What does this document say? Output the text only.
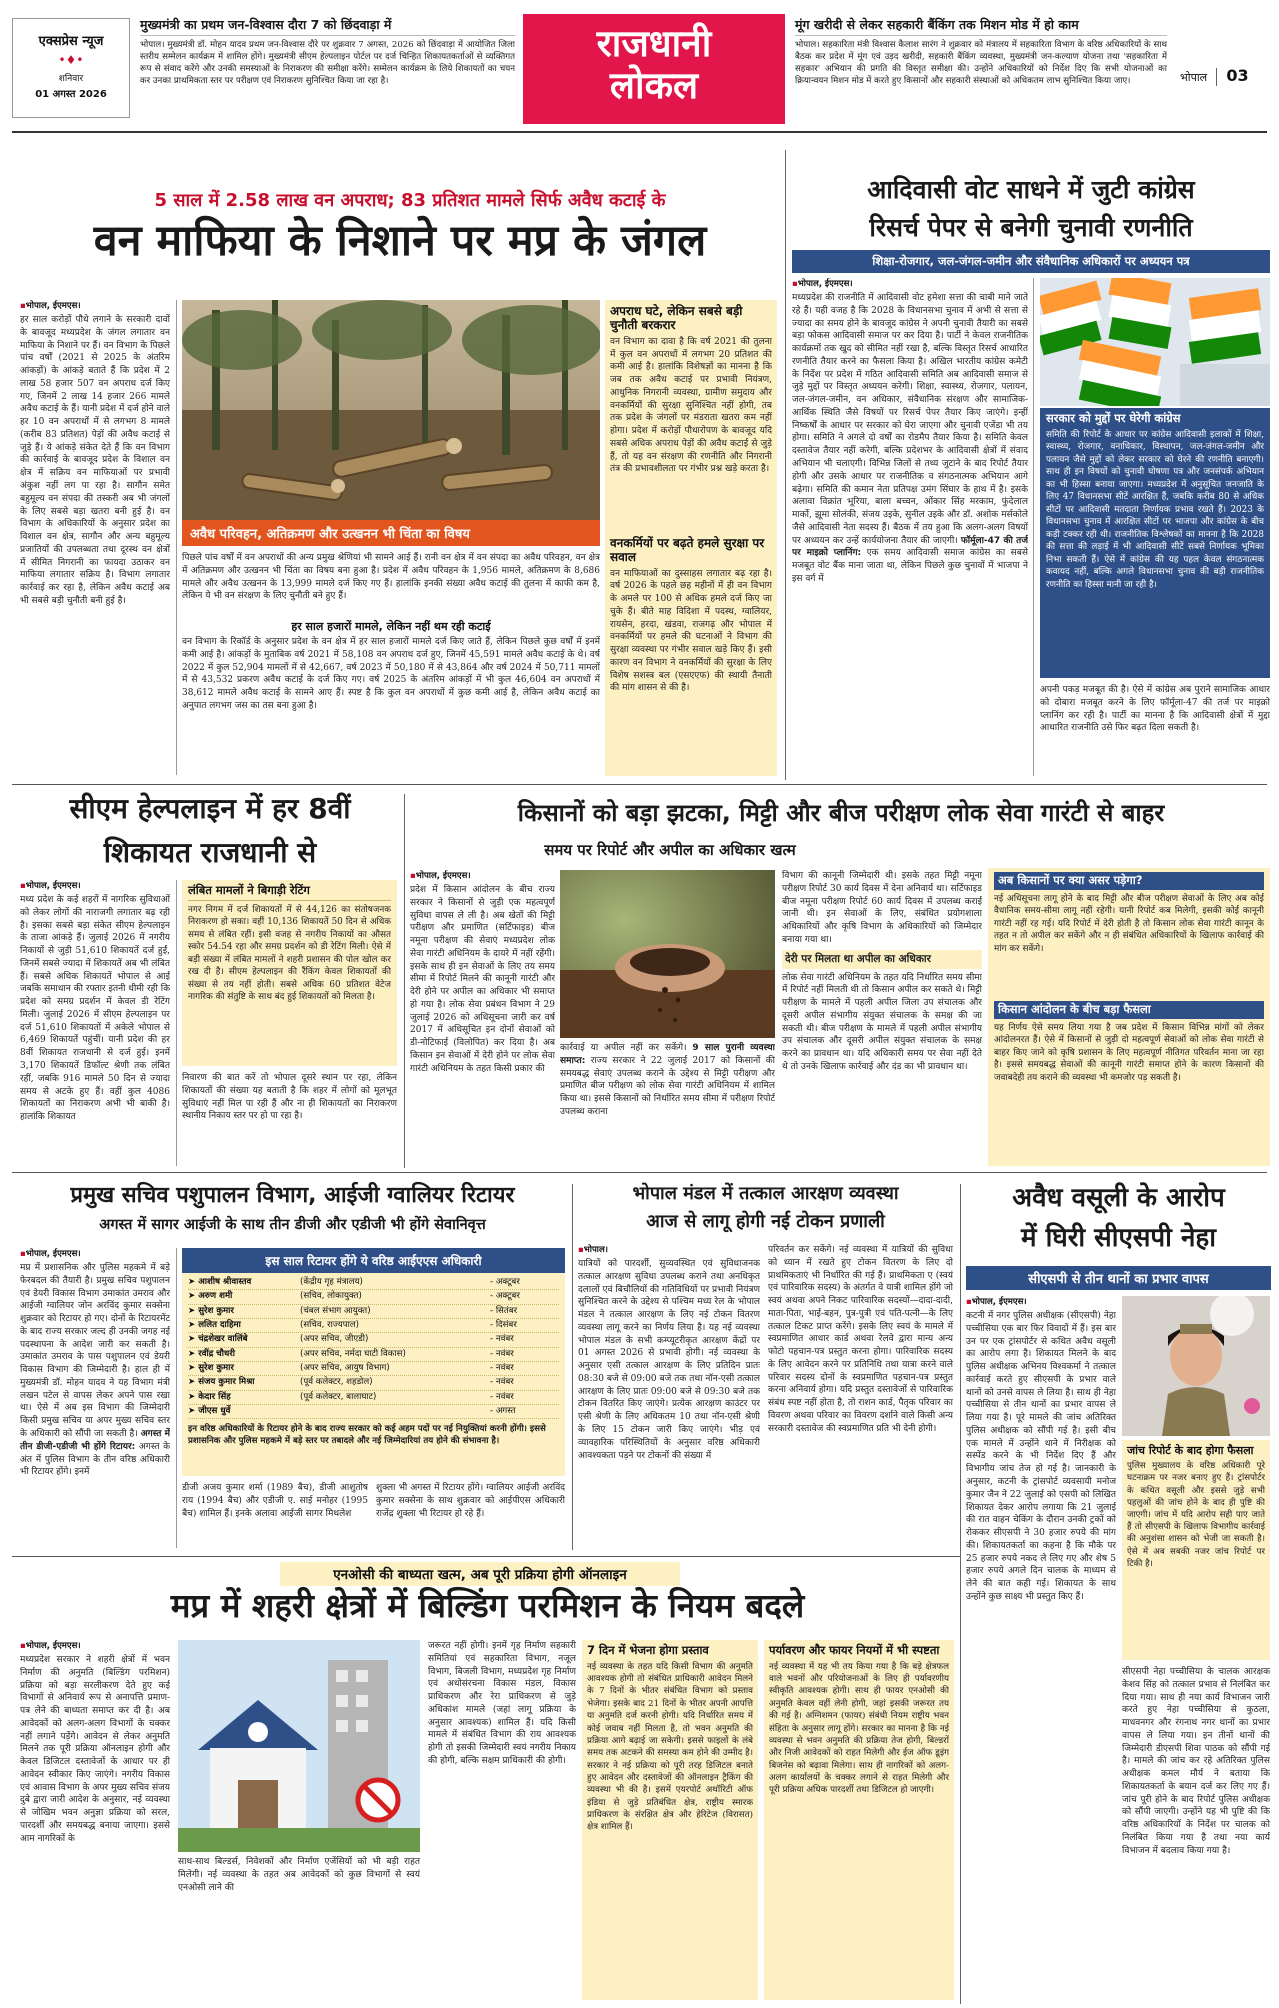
एक्सप्रेस न्यूज
•♦•
शनिवार
01 अगस्त 2026
मुख्यमंत्री का प्रथम जन-विश्वास दौरा 7 को छिंदवाड़ा में
भोपाल। मुख्यमंत्री डॉ. मोहन यादव प्रथम जन-विश्वास दौरे पर शुक्रवार 7 अगस्त, 2026 को छिंदवाड़ा में आयोजित जिला स्तरीय सम्मेलन कार्यक्रम में शामिल होंगे। मुख्यमंत्री सीएम हेल्पलाइन पोर्टल पर दर्ज चिन्हित शिकायतकर्ताओं से व्यक्तिगत रूप से संवाद करेंगे और उनकी समस्याओं के निराकरण की समीक्षा करेंगे। सम्मेलन कार्यक्रम के लिये शिकायतों का चयन कर उनका प्राथमिकता स्तर पर परीक्षण एवं निराकरण सुनिश्चित किया जा रहा है।
राजधानी
लोकल
मूंग खरीदी से लेकर सहकारी बैंकिंग तक मिशन मोड में हो काम
भोपाल। सहकारिता मंत्री विश्वास कैलाश सारंग ने शुक्रवार को मंत्रालय में सहकारिता विभाग के वरिष्ठ अधिकारियों के साथ बैठक कर प्रदेश में मूंग एवं उड़द खरीदी, सहकारी बैंकिंग व्यवस्था, मुख्यमंत्री जन-कल्याण योजना तथा 'सहकारिता में सहकार' अभियान की प्रगति की विस्तृत समीक्षा की। उन्होंने अधिकारियों को निर्देश दिए कि सभी योजनाओं का क्रियान्वयन मिशन मोड में करते हुए किसानों और सहकारी संस्थाओं को अधिकतम लाभ सुनिश्चित किया जाए।	भोपाल 03
5 साल में 2.58 लाख वन अपराध; 83 प्रतिशत मामले सिर्फ अवैध कटाई के
वन माफिया के निशाने पर मप्र के जंगल
▪ भोपाल, ईएमएस।
हर साल करोड़ों पौधे लगाने के सरकारी दावों के बावजूद मध्यप्रदेश के जंगल लगातार वन माफिया के निशाने पर हैं। वन विभाग के पिछले पांच वर्षों (2021 से 2025 के अंतरिम आंकड़ों) के आंकड़े बताते हैं कि प्रदेश में 2 लाख 58 हजार 507 वन अपराध दर्ज किए गए, जिनमें 2 लाख 14 हजार 266 मामले अवैध कटाई के हैं। यानी प्रदेश में दर्ज होने वाले हर 10 वन अपराधों में से लगभग 8 मामले (करीब 83 प्रतिशत) पेड़ों की अवैध कटाई से जुड़े हैं। ये आंकड़े संकेत देते हैं कि वन विभाग की कार्रवाई के बावजूद प्रदेश के विशाल वन क्षेत्र में सक्रिय वन माफियाओं पर प्रभावी अंकुश नहीं लग पा रहा है। सागौन समेत बहुमूल्य वन संपदा की तस्करी अब भी जंगलों के लिए सबसे बड़ा खतरा बनी हुई है। वन विभाग के अधिकारियों के अनुसार प्रदेश का विशाल वन क्षेत्र, सागौन और अन्य बहुमूल्य प्रजातियों की उपलब्धता तथा दूरस्थ वन क्षेत्रों में सीमित निगरानी का फायदा उठाकर वन माफिया लगातार सक्रिय है। विभाग लगातार कार्रवाई कर रहा है, लेकिन अवैध कटाई अब भी सबसे बड़ी चुनौती बनी हुई है।
अवैध परिवहन, अतिक्रमण और उत्खनन भी चिंता का विषय
पिछले पांच वर्षों में वन अपराधों की अन्य प्रमुख श्रेणियां भी सामने आई हैं। रानी वन क्षेत्र में वन संपदा का अवैध परिवहन, वन क्षेत्र में अतिक्रमण और उत्खनन भी चिंता का विषय बना हुआ है। प्रदेश में अवैध परिवहन के 1,956 मामले, अतिक्रमण के 8,686 मामले और अवैध उत्खनन के 13,999 मामले दर्ज किए गए हैं। हालांकि इनकी संख्या अवैध कटाई की तुलना में काफी कम है, लेकिन ये भी वन संरक्षण के लिए चुनौती बने हुए हैं।
हर साल हजारों मामले, लेकिन नहीं थम रही कटाई
वन विभाग के रिकॉर्ड के अनुसार प्रदेश के वन क्षेत्र में हर साल हजारों मामले दर्ज किए जाते हैं, लेकिन पिछले कुछ वर्षों में इनमें कमी आई है। आंकड़ों के मुताबिक वर्ष 2021 में 58,108 वन अपराध दर्ज हुए, जिनमें 45,591 मामले अवैध कटाई के थे। वर्ष 2022 में कुल 52,904 मामलों में से 42,667, वर्ष 2023 में 50,180 में से 43,864 और वर्ष 2024 में 50,711 मामलों में से 43,532 प्रकरण अवैध कटाई के दर्ज किए गए। वर्ष 2025 के अंतरिम आंकड़ों में भी कुल 46,604 वन अपराधों में 38,612 मामले अवैध कटाई के सामने आए हैं। स्पष्ट है कि कुल वन अपराधों में कुछ कमी आई है, लेकिन अवैध कटाई का अनुपात लगभग जस का तस बना हुआ है।
अपराध घटे, लेकिन सबसे बड़ी चुनौती बरकरार
वन विभाग का दावा है कि वर्ष 2021 की तुलना में कुल वन अपराधों में लगभग 20 प्रतिशत की कमी आई है। हालांकि विशेषज्ञों का मानना है कि जब तक अवैध कटाई पर प्रभावी नियंत्रण, आधुनिक निगरानी व्यवस्था, ग्रामीण समुदाय और वनकर्मियों की सुरक्षा सुनिश्चित नहीं होगी, तब तक प्रदेश के जंगलों पर मंडराता खतरा कम नहीं होगा। प्रदेश में करोड़ों पौधारोपण के बावजूद यदि सबसे अधिक अपराध पेड़ों की अवैध कटाई से जुड़े हैं, तो यह वन संरक्षण की रणनीति और निगरानी तंत्र की प्रभावशीलता पर गंभीर प्रश्न खड़े करता है।
वनकर्मियों पर बढ़ते हमले सुरक्षा पर सवाल
वन माफियाओं का दुस्साहस लगातार बढ़ रहा है। वर्ष 2026 के पहले छह महीनों में ही वन विभाग के अमले पर 100 से अधिक हमले दर्ज किए जा चुके हैं। बीते माह विदिशा में पदस्थ, ग्वालियर, रायसेन, हरदा, खंडवा, राजगढ़ और भोपाल में वनकर्मियों पर हमले की घटनाओं ने विभाग की सुरक्षा व्यवस्था पर गंभीर सवाल खड़े किए हैं। इसी कारण वन विभाग ने वनकर्मियों की सुरक्षा के लिए विशेष सशस्त्र बल (एसएएफ) की स्थायी तैनाती की मांग शासन से की है।
आदिवासी वोट साधने में जुटी कांग्रेस
रिसर्च पेपर से बनेगी चुनावी रणनीति
शिक्षा-रोजगार, जल-जंगल-जमीन और संवैधानिक अधिकारों पर अध्ययन पत्र
▪ भोपाल, ईएमएस।
मध्यप्रदेश की राजनीति में आदिवासी वोट हमेशा सत्ता की चाबी माने जाते रहे हैं। यही वजह है कि 2028 के विधानसभा चुनाव में अभी से सत्ता से ज्यादा का समय होने के बावजूद कांग्रेस ने अपनी चुनावी तैयारी का सबसे बड़ा फोकस आदिवासी समाज पर कर दिया है। पार्टी ने केवल राजनीतिक कार्यक्रमों तक खुद को सीमित नहीं रखा है, बल्कि विस्तृत रिसर्च आधारित रणनीति तैयार करने का फैसला किया है। अखिल भारतीय कांग्रेस कमेटी के निर्देश पर प्रदेश में गठित आदिवासी समिति अब आदिवासी समाज से जुड़े मुद्दों पर विस्तृत अध्ययन करेगी। शिक्षा, स्वास्थ्य, रोजगार, पलायन, जल-जंगल-जमीन, वन अधिकार, संवैधानिक संरक्षण और सामाजिक-आर्थिक स्थिति जैसे विषयों पर रिसर्च पेपर तैयार किए जाएंगे। इन्हीं निष्कर्षों के आधार पर सरकार को घेरा जाएगा और चुनावी एजेंडा भी तय होगा। समिति ने अगले दो वर्षों का रोडमैप तैयार किया है। समिति केवल दस्तावेज तैयार नहीं करेगी, बल्कि प्रदेशभर के आदिवासी क्षेत्रों में संवाद अभियान भी चलाएगी। विभिन्न जिलों से तथ्य जुटाने के बाद रिपोर्ट तैयार होगी और उसके आधार पर राजनीतिक व संगठनात्मक अभियान आगे बढ़ेगा। समिति की कमान नेता प्रतिपक्ष उमंग सिंघार के हाथ में है। इसके अलावा विक्रांत भूरिया, बाला बच्चन, ओंकार सिंह मरकाम, फुंदेलाल मार्को, झूमा सोलंकी, संजय उइके, सुनील उइके और डॉ. अशोक मर्सकोले जैसे आदिवासी नेता सदस्य हैं। बैठक में तय हुआ कि अलग-अलग विषयों पर अध्ययन कर उन्हें कार्ययोजना तैयार की जाएगी। फॉर्मूला-47 की तर्ज पर माइक्रो प्लानिंग: एक समय आदिवासी समाज कांग्रेस का सबसे मजबूत वोट बैंक माना जाता था, लेकिन पिछले कुछ चुनावों में भाजपा ने इस वर्ग में
सरकार को मुद्दों पर घेरेगी कांग्रेस
समिति की रिपोर्ट के आधार पर कांग्रेस आदिवासी इलाकों में शिक्षा, स्वास्थ्य, रोजगार, वनाधिकार, विस्थापन, जल-जंगल-जमीन और पलायन जैसे मुद्दों को लेकर सरकार को घेरने की रणनीति बनाएगी। साथ ही इन विषयों को चुनावी घोषणा पत्र और जनसंपर्क अभियान का भी हिस्सा बनाया जाएगा। मध्यप्रदेश में अनुसूचित जनजाति के लिए 47 विधानसभा सीटें आरक्षित हैं, जबकि करीब 80 से अधिक सीटों पर आदिवासी मतदाता निर्णायक प्रभाव रखते हैं। 2023 के विधानसभा चुनाव में आरक्षित सीटों पर भाजपा और कांग्रेस के बीच कड़ी टक्कर रही थी। राजनीतिक विश्लेषकों का मानना है कि 2028 की सत्ता की लड़ाई में भी आदिवासी सीटें सबसे निर्णायक भूमिका निभा सकती हैं। ऐसे में कांग्रेस की यह पहल केवल संगठनात्मक कवायद नहीं, बल्कि अगले विधानसभा चुनाव की बड़ी राजनीतिक रणनीति का हिस्सा मानी जा रही है।
अपनी पकड़ मजबूत की है। ऐसे में कांग्रेस अब पुराने सामाजिक आधार को दोबारा मजबूत करने के लिए फॉर्मूला-47 की तर्ज पर माइक्रो प्लानिंग कर रही है। पार्टी का मानना है कि आदिवासी क्षेत्रों में मुद्दा आधारित राजनीति उसे फिर बढ़त दिला सकती है।
सीएम हेल्पलाइन में हर 8वीं
शिकायत राजधानी से
▪ भोपाल, ईएमएस।
मध्य प्रदेश के कई शहरों में नागरिक सुविधाओं को लेकर लोगों की नाराजगी लगातार बढ़ रही है। इसका सबसे बड़ा संकेत सीएम हेल्पलाइन के ताजा आंकड़े हैं। जुलाई 2026 में नगरीय निकायों से जुड़ी 51,610 शिकायतें दर्ज हुईं, जिनमें सबसे ज्यादा में शिकायतें अब भी लंबित हैं। सबसे अधिक शिकायतें भोपाल से आई जबकि समाधान की रफ्तार इतनी धीमी रही कि प्रदेश को समग्र प्रदर्शन में केवल डी रेटिंग मिली। जुलाई 2026 में सीएम हेल्पलाइन पर दर्ज 51,610 शिकायतों में अकेले भोपाल से 6,469 शिकायतें पहुंचीं। यानी प्रदेश की हर 8वीं शिकायत राजधानी से दर्ज हुई। इनमें 3,170 शिकायतें डिफॉल्ट श्रेणी तक लंबित रहीं, जबकि 916 मामले 50 दिन से ज्यादा समय से अटके हुए हैं। वहीं कुल 4086 शिकायतों का निराकरण अभी भी बाकी है। हालांकि शिकायत
लंबित मामलों ने बिगाड़ी रेटिंग
नगर निगम में दर्ज शिकायतों में से 44,126 का संतोषजनक निराकरण हो सका। वहीं 10,136 शिकायतें 50 दिन से अधिक समय से लंबित रहीं। इसी वजह से नगरीय निकायों का औसत स्कोर 54.54 रहा और समग्र प्रदर्शन को डी रेटिंग मिली। ऐसे में बड़ी संख्या में लंबित मामलों ने शहरी प्रशासन की पोल खोल कर रख दी है। सीएम हेल्पलाइन की रैंकिंग केवल शिकायतों की संख्या से तय नहीं होती। सबसे अधिक 60 प्रतिशत वेटेज नागरिक की संतुष्टि के साथ बंद हुई शिकायतों को मिलता है।
निवारण की बात करें तो भोपाल दूसरे स्थान पर रहा, लेकिन शिकायतों की संख्या यह बताती है कि शहर में लोगों को मूलभूत सुविधाएं नहीं मिल पा रही हैं और ना ही शिकायतों का निराकरण स्थानीय निकाय स्तर पर हो पा रहा है।
किसानों को बड़ा झटका, मिट्टी और बीज परीक्षण लोक सेवा गारंटी से बाहर
समय पर रिपोर्ट और अपील का अधिकार खत्म
▪ भोपाल, ईएमएस।
प्रदेश में किसान आंदोलन के बीच राज्य सरकार ने किसानों से जुड़ी एक महत्वपूर्ण सुविधा वापस ले ली है। अब खेतों की मिट्टी परीक्षण और प्रमाणित (सर्टिफाइड) बीज नमूना परीक्षण की सेवाएं मध्यप्रदेश लोक सेवा गारंटी अधिनियम के दायरे में नहीं रहेंगी। इसके साथ ही इन सेवाओं के लिए तय समय सीमा में रिपोर्ट मिलने की कानूनी गारंटी और देरी होने पर अपील का अधिकार भी समाप्त हो गया है। लोक सेवा प्रबंधन विभाग ने 29 जुलाई 2026 को अधिसूचना जारी कर वर्ष 2017 में अधिसूचित इन दोनों सेवाओं को डी-नोटिफाई (विलोपित) कर दिया है। अब किसान इन सेवाओं में देरी होने पर लोक सेवा गारंटी अधिनियम के तहत किसी प्रकार की
कार्रवाई या अपील नहीं कर सकेंगे। 9 साल पुरानी व्यवस्था समाप्त: राज्य सरकार ने 22 जुलाई 2017 को किसानों की समयबद्ध सेवाएं उपलब्ध कराने के उद्देश्य से मिट्टी परीक्षण और प्रमाणित बीज परीक्षण को लोक सेवा गारंटी अधिनियम में शामिल किया था। इससे किसानों को निर्धारित समय सीमा में परीक्षण रिपोर्ट उपलब्ध कराना
विभाग की कानूनी जिम्मेदारी थी। इसके तहत मिट्टी नमूना परीक्षण रिपोर्ट 30 कार्य दिवस में देना अनिवार्य था। सर्टिफाइड बीज नमूना परीक्षण रिपोर्ट 60 कार्य दिवस में उपलब्ध कराई जानी थी। इन सेवाओं के लिए, संबंधित प्रयोगशाला अधिकारियों और कृषि विभाग के अधिकारियों को जिम्मेदार बनाया गया था।
देरी पर मिलता था अपील का अधिकार
लोक सेवा गारंटी अधिनियम के तहत यदि निर्धारित समय सीमा में रिपोर्ट नहीं मिलती थी तो किसान अपील कर सकते थे। मिट्टी परीक्षण के मामले में पहली अपील जिला उप संचालक और दूसरी अपील संभागीय संयुक्त संचालक के समक्ष की जा सकती थी। बीज परीक्षण के मामले में पहली अपील संभागीय उप संचालक और दूसरी अपील संयुक्त संचालक के समक्ष करने का प्रावधान था। यदि अधिकारी समय पर सेवा नहीं देते थे तो उनके खिलाफ कार्रवाई और दंड का भी प्रावधान था।
अब किसानों पर क्या असर पड़ेगा?
नई अधिसूचना लागू होने के बाद मिट्टी और बीज परीक्षण सेवाओं के लिए अब कोई वैधानिक समय-सीमा लागू नहीं रहेगी। यानी रिपोर्ट कब मिलेगी, इसकी कोई कानूनी गारंटी नहीं रह गई। यदि रिपोर्ट में देरी होती है तो किसान लोक सेवा गारंटी कानून के तहत न तो अपील कर सकेंगे और न ही संबंधित अधिकारियों के खिलाफ कार्रवाई की मांग कर सकेंगे।
किसान आंदोलन के बीच बड़ा फैसला
यह निर्णय ऐसे समय लिया गया है जब प्रदेश में किसान विभिन्न मांगों को लेकर आंदोलनरत हैं। ऐसे में किसानों से जुड़ी दो महत्वपूर्ण सेवाओं को लोक सेवा गारंटी से बाहर किए जाने को कृषि प्रशासन के लिए महत्वपूर्ण नीतिगत परिवर्तन माना जा रहा है। इससे समयबद्ध सेवाओं की कानूनी गारंटी समाप्त होने के कारण किसानों की जवाबदेही तय कराने की व्यवस्था भी कमजोर पड़ सकती है।
प्रमुख सचिव पशुपालन विभाग, आईजी ग्वालियर रिटायर
अगस्त में सागर आईजी के साथ तीन डीजी और एडीजी भी होंगे सेवानिवृत्त
▪ भोपाल, ईएमएस।
मप्र में प्रशासनिक और पुलिस महकमे में बड़े फेरबदल की तैयारी है। प्रमुख सचिव पशुपालन एवं डेयरी विकास विभाग उमाकांत उमराव और आईजी ग्वालियर जोन अरविंद कुमार सक्सेना शुक्रवार को रिटायर हो गए। दोनों के रिटायरमेंट के बाद राज्य सरकार जल्द ही उनकी जगह नई पदस्थापना के आदेश जारी कर सकती है। उमाकांत उमराव के पास पशुपालन एवं डेयरी विकास विभाग की जिम्मेदारी है। हाल ही में मुख्यमंत्री डॉ. मोहन यादव ने यह विभाग मंत्री लखन पटेल से वापस लेकर अपने पास रखा था। ऐसे में अब इस विभाग की जिम्मेदारी किसी प्रमुख सचिव या अपर मुख्य सचिव स्तर के अधिकारी को सौंपी जा सकती है। अगस्त में तीन डीजी-एडीजी भी होंगे रिटायर: अगस्त के अंत में पुलिस विभाग के तीन वरिष्ठ अधिकारी भी रिटायर होंगे। इनमें
इस साल रिटायर होंगे ये वरिष्ठ आईएएस अधिकारी
➤ आशीष श्रीवास्तव	(केंद्रीय गृह मंत्रालय)	- अक्टूबर
➤ अरुण शमी	(सचिव, लोकायुक्त)	- अक्टूबर
➤ सुरेश कुमार	(चंबल संभाग आयुक्त)	- सितंबर
➤ ललित दाहिमा	(सचिव, राज्यपाल)	- दिसंबर
➤ चंद्रशेखर वालिंबे	(अपर सचिव, जीएडी)	- नवंबर
➤ रवींद्र चौधरी	(अपर सचिव, नर्मदा घाटी विकास)	- नवंबर
➤ सुरेश कुमार	(अपर सचिव, आयुष विभाग)	- नवंबर
➤ संजय कुमार मिश्रा	(पूर्व कलेक्टर, शहडोल)	- नवंबर
➤ केदार सिंह	(पूर्व कलेक्टर, बालाघाट)	- नवंबर
➤ जीएस धुर्वे	- अगस्त
इन वरिष्ठ अधिकारियों के रिटायर होने के बाद राज्य सरकार को कई अहम पदों पर नई नियुक्तियां करनी होंगी। इससे प्रशासनिक और पुलिस महकमे में बड़े स्तर पर तबादले और नई जिम्मेदारियां तय होने की संभावना है।
डीजी अजय कुमार शर्मा (1989 बैच), डीजी आशुतोष राय (1994 बैच) और एडीजी ए. साई मनोहर (1995 बैच) शामिल हैं। इनके अलावा आईजी सागर मिथलेश
शुक्ला भी अगस्त में रिटायर होंगे। ग्वालियर आईजी अरविंद कुमार सक्सेना के साथ शुक्रवार को आईपीएस अधिकारी राजेंद्र शुक्ला भी रिटायर हो रहे हैं।
भोपाल मंडल में तत्काल आरक्षण व्यवस्था
आज से लागू होगी नई टोकन प्रणाली
▪ भोपाल।
यात्रियों को पारदर्शी, सुव्यवस्थित एवं सुविधाजनक तत्काल आरक्षण सुविधा उपलब्ध कराने तथा अनधिकृत दलालों एवं बिचौलियों की गतिविधियों पर प्रभावी नियंत्रण सुनिश्चित करने के उद्देश्य से पश्चिम मध्य रेल के भोपाल मंडल ने तत्काल आरक्षण के लिए नई टोकन वितरण व्यवस्था लागू करने का निर्णय लिया है। यह नई व्यवस्था भोपाल मंडल के सभी कम्प्यूटरीकृत आरक्षण केंद्रों पर 01 अगस्त 2026 से प्रभावी होगी। नई व्यवस्था के अनुसार एसी तत्काल आरक्षण के लिए प्रतिदिन प्रातः 08:30 बजे से 09:00 बजे तक तथा नॉन-एसी तत्काल आरक्षण के लिए प्रातः 09:00 बजे से 09:30 बजे तक टोकन वितरित किए जाएंगे। प्रत्येक आरक्षण काउंटर पर एसी श्रेणी के लिए अधिकतम 10 तथा नॉन-एसी श्रेणी के लिए 15 टोकन जारी किए जाएंगे। भीड़ एवं व्यावहारिक परिस्थितियों के अनुसार वरिष्ठ अधिकारी आवश्यकता पड़ने पर टोकनों की संख्या में
परिवर्तन कर सकेंगे। नई व्यवस्था में यात्रियों की सुविधा को ध्यान में रखते हुए टोकन वितरण के लिए दो प्राथमिकताएं भी निर्धारित की गई हैं। प्राथमिकता ए (स्वयं एवं पारिवारिक सदस्य) के अंतर्गत वे यात्री शामिल होंगे जो स्वयं अथवा अपने निकट पारिवारिक सदस्यों—दादा-दादी, माता-पिता, भाई-बहन, पुत्र-पुत्री एवं पति-पत्नी—के लिए तत्काल टिकट प्राप्त करेंगे। इसके लिए स्वयं के मामले में स्वप्रमाणित आधार कार्ड अथवा रेलवे द्वारा मान्य अन्य फोटो पहचान-पत्र प्रस्तुत करना होगा। पारिवारिक सदस्य के लिए आवेदन करने पर प्रतिनिधि तथा यात्रा करने वाले परिवार सदस्य दोनों के स्वप्रमाणित पहचान-पत्र प्रस्तुत करना अनिवार्य होगा। यदि प्रस्तुत दस्तावेजों से पारिवारिक संबंध स्पष्ट नहीं होता है, तो राशन कार्ड, पैतृक परिवार का विवरण अथवा परिवार का विवरण दर्शाने वाले किसी अन्य सरकारी दस्तावेज की स्वप्रमाणित प्रति भी देनी होगी।
अवैध वसूली के आरोप
में घिरी सीएसपी नेहा
सीएसपी से तीन थानों का प्रभार वापस
▪ भोपाल, ईएमएस।
कटनी में नगर पुलिस अधीक्षक (सीएसपी) नेहा पच्चीसिया एक बार फिर विवादों में हैं। इस बार उन पर एक ट्रांसपोर्टर से कथित अवैध वसूली का आरोप लगा है। शिकायत मिलने के बाद पुलिस अधीक्षक अभिनय विश्वकर्मा ने तत्काल कार्रवाई करते हुए सीएसपी के प्रभार वाले थानों को उनसे वापस ले लिया है। साथ ही नेहा पच्चीसिया से तीन थानों का प्रभार वापस ले लिया गया है। पूरे मामले की जांच अतिरिक्त पुलिस अधीक्षक को सौंपी गई है। इसी बीच एक मामले में उन्होंने थाने में निरीक्षक को सस्पेंड करने के भी निर्देश दिए हैं और विभागीय जांच तेज हो गई है। जानकारी के अनुसार, कटनी के ट्रांसपोर्ट व्यवसायी मनोज कुमार जैन ने 22 जुलाई को एसपी को लिखित शिकायत देकर आरोप लगाया कि 21 जुलाई की रात वाहन चेकिंग के दौरान उनकी ट्रकों को रोककर सीएसपी ने 30 हजार रुपये की मांग की। शिकायतकर्ता का कहना है कि मौके पर 25 हजार रुपये नकद ले लिए गए और शेष 5 हजार रुपये अगले दिन चालक के माध्यम से लेने की बात कही गई। शिकायत के साथ उन्होंने कुछ साक्ष्य भी प्रस्तुत किए हैं।
जांच रिपोर्ट के बाद होगा फैसला
पुलिस मुख्यालय के वरिष्ठ अधिकारी पूरे घटनाक्रम पर नजर बनाए हुए हैं। ट्रांसपोर्टर के कथित वसूली और इससे जुड़े सभी पहलुओं की जांच होने के बाद ही पुष्टि की जाएगी। जांच में यदि आरोप सही पाए जाते हैं तो सीएसपी के खिलाफ विभागीय कार्रवाई की अनुशंसा शासन को भेजी जा सकती है। ऐसे में अब सबकी नजर जांच रिपोर्ट पर टिकी है।
सीएसपी नेहा पच्चीसिया के चालक आरक्षक केशव सिंह को तत्काल प्रभाव से निलंबित कर दिया गया। साथ ही नया कार्य विभाजन जारी करते हुए नेहा पच्चीसिया से कुठला, माधवनगर और रंगनाथ नगर थानों का प्रभार वापस ले लिया गया। इन तीनों थानों की जिम्मेदारी डीएसपी शिवा पाठक को सौंपी गई है। मामले की जांच कर रहे अतिरिक्त पुलिस अधीक्षक कमल मौर्य ने बताया कि शिकायतकर्ता के बयान दर्ज कर लिए गए हैं। जांच पूरी होने के बाद रिपोर्ट पुलिस अधीक्षक को सौंपी जाएगी। उन्होंने यह भी पुष्टि की कि वरिष्ठ अधिकारियों के निर्देश पर चालक को निलंबित किया गया है तथा नया कार्य विभाजन में बदलाव किया गया है।
एनओसी की बाध्यता खत्म, अब पूरी प्रक्रिया होगी ऑनलाइन
मप्र में शहरी क्षेत्रों में बिल्डिंग परमिशन के नियम बदले
▪ भोपाल, ईएमएस।
मध्यप्रदेश सरकार ने शहरी क्षेत्रों में भवन निर्माण की अनुमति (बिल्डिंग परमिशन) प्रक्रिया को बड़ा सरलीकरण देते हुए कई विभागों से अनिवार्य रूप से अनापत्ति प्रमाण-पत्र लेने की बाध्यता समाप्त कर दी है। अब आवेदकों को अलग-अलग विभागों के चक्कर नहीं लगाने पड़ेंगे। आवेदन से लेकर अनुमति मिलने तक पूरी प्रक्रिया ऑनलाइन होगी और केवल डिजिटल दस्तावेजों के आधार पर ही आवेदन स्वीकार किए जाएंगे। नगरीय विकास एवं आवास विभाग के अपर मुख्य सचिव संजय दुबे द्वारा जारी आदेश के अनुसार, नई व्यवस्था से जोखिम भवन अनुज्ञा प्रक्रिया को सरल, पारदर्शी और समयबद्ध बनाया जाएगा। इससे आम नागरिकों के
साथ-साथ बिल्डर्स, निवेशकों और निर्माण एजेंसियों को भी बड़ी राहत मिलेगी। नई व्यवस्था के तहत अब आवेदकों को कुछ विभागों से स्वयं एनओसी लाने की
जरूरत नहीं होगी। इनमें गृह निर्माण सहकारी समितियां एवं सहकारिता विभाग, नजूल विभाग, बिजली विभाग, मध्यप्रदेश गृह निर्माण एवं अधोसंरचना विकास मंडल, विकास प्राधिकरण और रेरा प्राधिकरण से जुड़े अधिकांश मामले (जहां लागू प्रक्रिया के अनुसार आवश्यक) शामिल हैं। यदि किसी मामले में संबंधित विभाग की राय आवश्यक होगी तो इसकी जिम्मेदारी स्वयं नगरीय निकाय की होगी, बल्कि सक्षम प्राधिकारी की होगी।
7 दिन में भेजना होगा प्रस्ताव
नई व्यवस्था के तहत यदि किसी विभाग की अनुमति आवश्यक होगी तो संबंधित प्राधिकारी आवेदन मिलने के 7 दिनों के भीतर संबंधित विभाग को प्रस्ताव भेजेगा। इसके बाद 21 दिनों के भीतर अपनी आपत्ति या अनुमति दर्ज करनी होगी। यदि निर्धारित समय में कोई जवाब नहीं मिलता है, तो भवन अनुमति की प्रक्रिया आगे बढ़ाई जा सकेगी। इससे फाइलों के लंबे समय तक अटकने की समस्या कम होने की उम्मीद है। सरकार ने नई प्रक्रिया को पूरी तरह डिजिटल बनाते हुए आवेदन और दस्तावेजों की ऑनलाइन ट्रैकिंग की व्यवस्था भी की है। इसमें एयरपोर्ट अथॉरिटी ऑफ इंडिया से जुड़े प्रतिबंधित क्षेत्र, राष्ट्रीय स्मारक प्राधिकरण के संरक्षित क्षेत्र और हेरिटेज (विरासत) क्षेत्र शामिल हैं।
पर्यावरण और फायर नियमों में भी स्पष्टता
नई व्यवस्था में यह भी तय किया गया है कि बड़े क्षेत्रफल वाले भवनों और परियोजनाओं के लिए ही पर्यावरणीय स्वीकृति आवश्यक होगी। साथ ही फायर एनओसी की अनुमति केवल वहीं लेनी होगी, जहां इसकी जरूरत तय की गई है। अग्निशमन (फायर) संबंधी नियम राष्ट्रीय भवन संहिता के अनुसार लागू होंगे। सरकार का मानना है कि नई व्यवस्था से भवन अनुमति की प्रक्रिया तेज होगी, बिल्डरों और निजी आवेदकों को राहत मिलेगी और ईज ऑफ डूइंग बिजनेस को बढ़ावा मिलेगा। साथ ही नागरिकों को अलग-अलग कार्यालयों के चक्कर लगाने से राहत मिलेगी और पूरी प्रक्रिया अधिक पारदर्शी तथा डिजिटल हो जाएगी।
